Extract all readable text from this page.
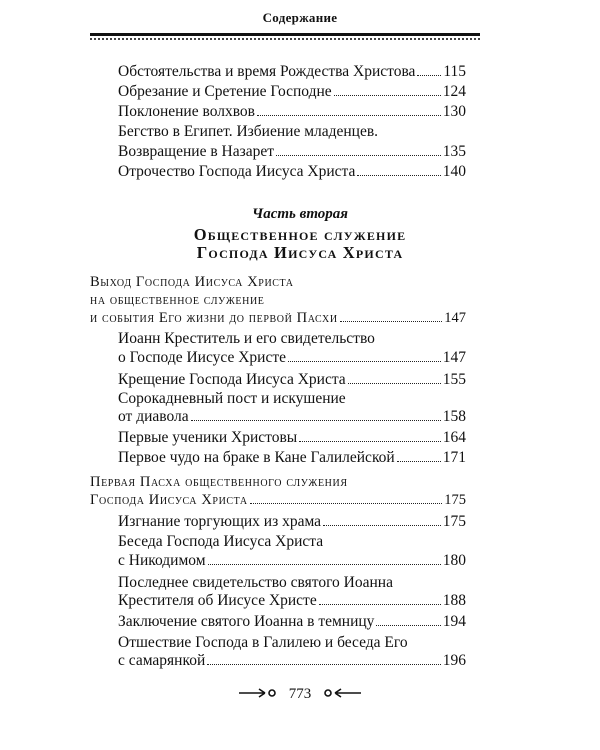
Содержание
Обстоятельства и время Рождества Христова 115
Обрезание и Сретение Господне	124
Поклонение волхвов	130
Бегство в Египет. Избиение младенцев.
Возвращение в Назарет	135
Отрочество Господа Иисуса Христа	140
Часть вторая
Общественное служение
Господа Иисуса Христа
Выход Господа Иисуса Христа
на общественное служение
и события Его жизни до первой Пасхи	147
Иоанн Креститель и его свидетельство
о Господе Иисусе Христе	147
Крещение Господа Иисуса Христа	155
Сорокадневный пост и искушение
от диавола	158
Первые ученики Христовы	164
Первое чудо на браке в Кане Галилейской	171
Первая Пасха общественного служения
Господа Иисуса Христа	175
Изгнание торгующих из храма	175
Беседа Господа Иисуса Христа
с Никодимом	180
Последнее свидетельство святого Иоанна
Крестителя об Иисусе Христе	188
Заключение святого Иоанна в темницу	194
Отшествие Господа в Галилею и беседа Его
с самарянкой	196
773
